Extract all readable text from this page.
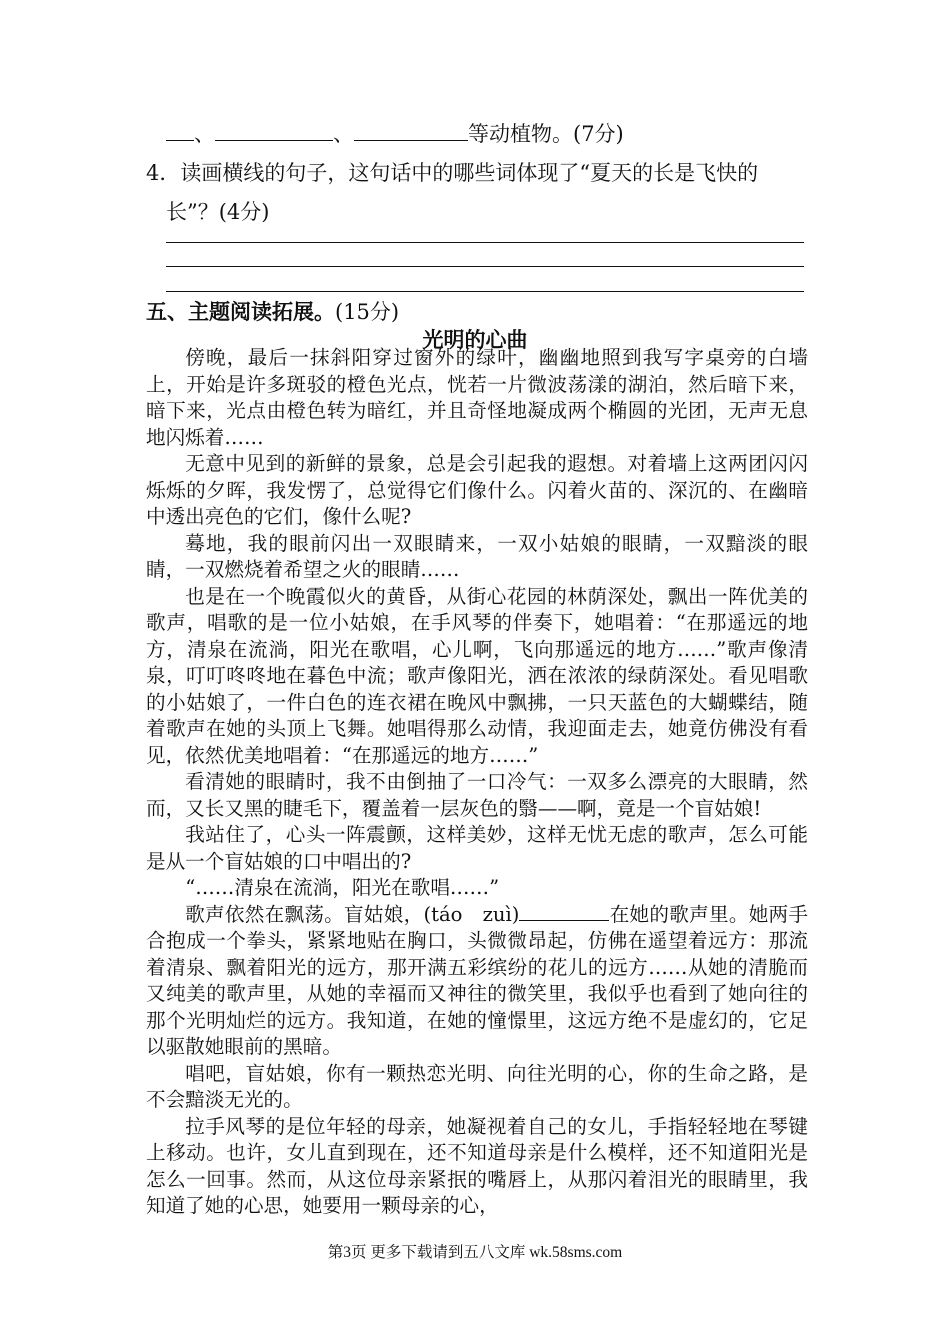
、	、	等动植物。(7分)
4．读画横线的句子，这句话中的哪些词体现了“夏天的长是飞快的
长”？(4分)
五、主题阅读拓展。(15分)
光明的心曲

傍晚，最后一抹斜阳穿过窗外的绿叶，幽幽地照到我写字桌旁的白墙上，开始是许多斑驳的橙色光点，恍若一片微波荡漾的湖泊，然后暗下来，暗下来，光点由橙色转为暗红，并且奇怪地凝成两个椭圆的光团，无声无息地闪烁着……

无意中见到的新鲜的景象，总是会引起我的遐想。对着墙上这两团闪闪烁烁的夕晖，我发愣了，总觉得它们像什么。闪着火苗的、深沉的、在幽暗中透出亮色的它们，像什么呢?

蓦地，我的眼前闪出一双眼睛来，一双小姑娘的眼睛，一双黯淡的眼睛，一双燃烧着希望之火的眼睛……

也是在一个晚霞似火的黄昏，从街心花园的林荫深处，飘出一阵优美的歌声，唱歌的是一位小姑娘，在手风琴的伴奏下，她唱着：“在那遥远的地方，清泉在流淌，阳光在歌唱，心儿啊，飞向那遥远的地方……”歌声像清泉，叮叮咚咚地在暮色中流；歌声像阳光，洒在浓浓的绿荫深处。看见唱歌的小姑娘了，一件白色的连衣裙在晚风中飘拂，一只天蓝色的大蝴蝶结，随着歌声在她的头顶上飞舞。她唱得那么动情，我迎面走去，她竟仿佛没有看见，依然优美地唱着：“在那遥远的地方……”

看清她的眼睛时，我不由倒抽了一口冷气：一双多么漂亮的大眼睛，然而，又长又黑的睫毛下，覆盖着一层灰色的翳——啊，竟是一个盲姑娘!

我站住了，心头一阵震颤，这样美妙，这样无忧无虑的歌声，怎么可能是从一个盲姑娘的口中唱出的?

“……清泉在流淌，阳光在歌唱……”

歌声依然在飘荡。盲姑娘，(táo　zuì)	在她的歌声里。她两手合抱成一个拳头，紧紧地贴在胸口，头微微昂起，仿佛在遥望着远方：那流着清泉、飘着阳光的远方，那开满五彩缤纷的花儿的远方……从她的清脆而又纯美的歌声里，从她的幸福而又神往的微笑里，我似乎也看到了她向往的那个光明灿烂的远方。我知道，在她的憧憬里，这远方绝不是虚幻的，它足以驱散她眼前的黑暗。

唱吧，盲姑娘，你有一颗热恋光明、向往光明的心，你的生命之路，是不会黯淡无光的。

拉手风琴的是位年轻的母亲，她凝视着自己的女儿，手指轻轻地在琴键上移动。也许，女儿直到现在，还不知道母亲是什么模样，还不知道阳光是怎么一回事。然而，从这位母亲紧抿的嘴唇上，从那闪着泪光的眼睛里，我知道了她的心思，她要用一颗母亲的心，

第3页 更多下载请到五八文库 wk.58sms.com
